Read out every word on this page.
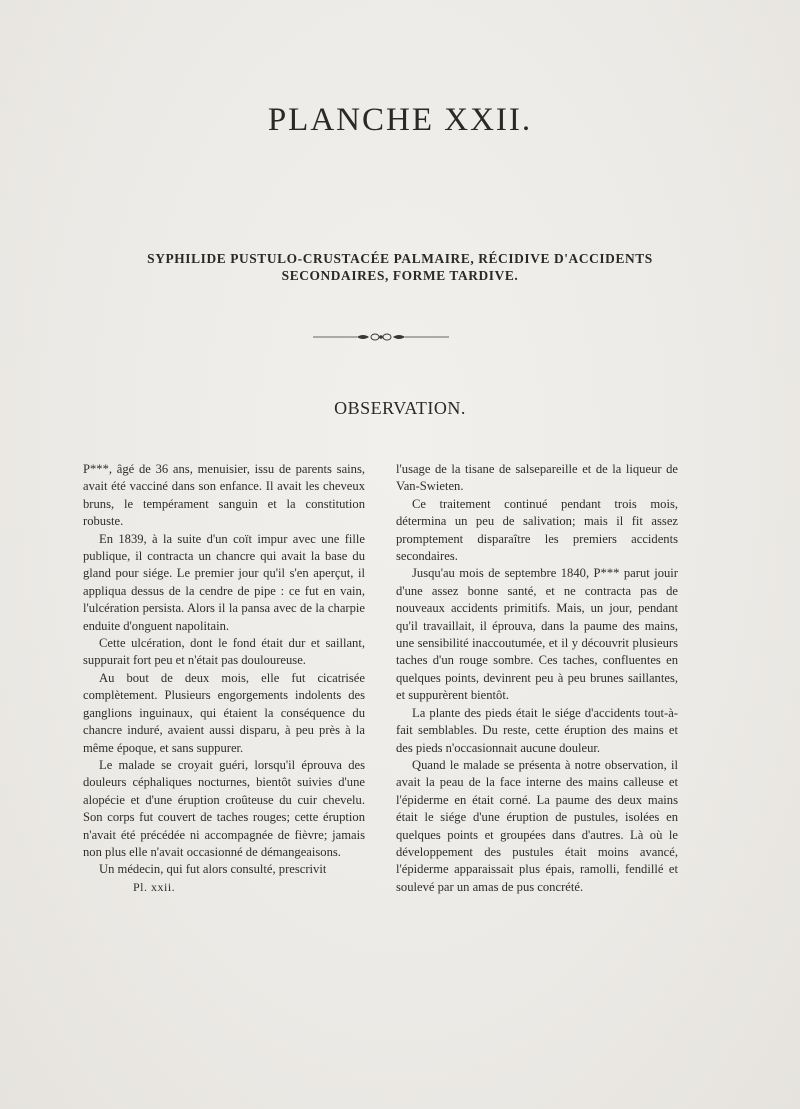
PLANCHE XXII.
SYPHILIDE PUSTULO-CRUSTACÉE PALMAIRE, RÉCIDIVE D'ACCIDENTS
SECONDAIRES, FORME TARDIVE.
OBSERVATION.

P***, âgé de 36 ans, menuisier, issu de parents sains, avait été vacciné dans son enfance. Il avait les cheveux bruns, le tempérament sanguin et la constitution robuste.

En 1839, à la suite d'un coït impur avec une fille publique, il contracta un chancre qui avait la base du gland pour siége. Le premier jour qu'il s'en aperçut, il appliqua dessus de la cendre de pipe : ce fut en vain, l'ulcération persista. Alors il la pansa avec de la charpie enduite d'onguent napolitain.

Cette ulcération, dont le fond était dur et saillant, suppurait fort peu et n'était pas douloureuse.

Au bout de deux mois, elle fut cicatrisée complètement. Plusieurs engorgements indolents des ganglions inguinaux, qui étaient la conséquence du chancre induré, avaient aussi disparu, à peu près à la même époque, et sans suppurer.

Le malade se croyait guéri, lorsqu'il éprouva des douleurs céphaliques nocturnes, bientôt suivies d'une alopécie et d'une éruption croûteuse du cuir chevelu. Son corps fut couvert de taches rouges; cette éruption n'avait été précédée ni accompagnée de fièvre; jamais non plus elle n'avait occasionné de démangeaisons.

Un médecin, qui fut alors consulté, prescrivit

Pl. xxii.

l'usage de la tisane de salsepareille et de la liqueur de Van-Swieten.

Ce traitement continué pendant trois mois, détermina un peu de salivation; mais il fit assez promptement disparaître les premiers accidents secondaires.

Jusqu'au mois de septembre 1840, P*** parut jouir d'une assez bonne santé, et ne contracta pas de nouveaux accidents primitifs. Mais, un jour, pendant qu'il travaillait, il éprouva, dans la paume des mains, une sensibilité inaccoutumée, et il y découvrit plusieurs taches d'un rouge sombre. Ces taches, confluentes en quelques points, devinrent peu à peu brunes saillantes, et suppurèrent bientôt.

La plante des pieds était le siége d'accidents tout-à-fait semblables. Du reste, cette éruption des mains et des pieds n'occasionnait aucune douleur.

Quand le malade se présenta à notre observation, il avait la peau de la face interne des mains calleuse et l'épiderme en était corné. La paume des deux mains était le siége d'une éruption de pustules, isolées en quelques points et groupées dans d'autres. Là où le développement des pustules était moins avancé, l'épiderme apparaissait plus épais, ramolli, fendillé et soulevé par un amas de pus concrété.
